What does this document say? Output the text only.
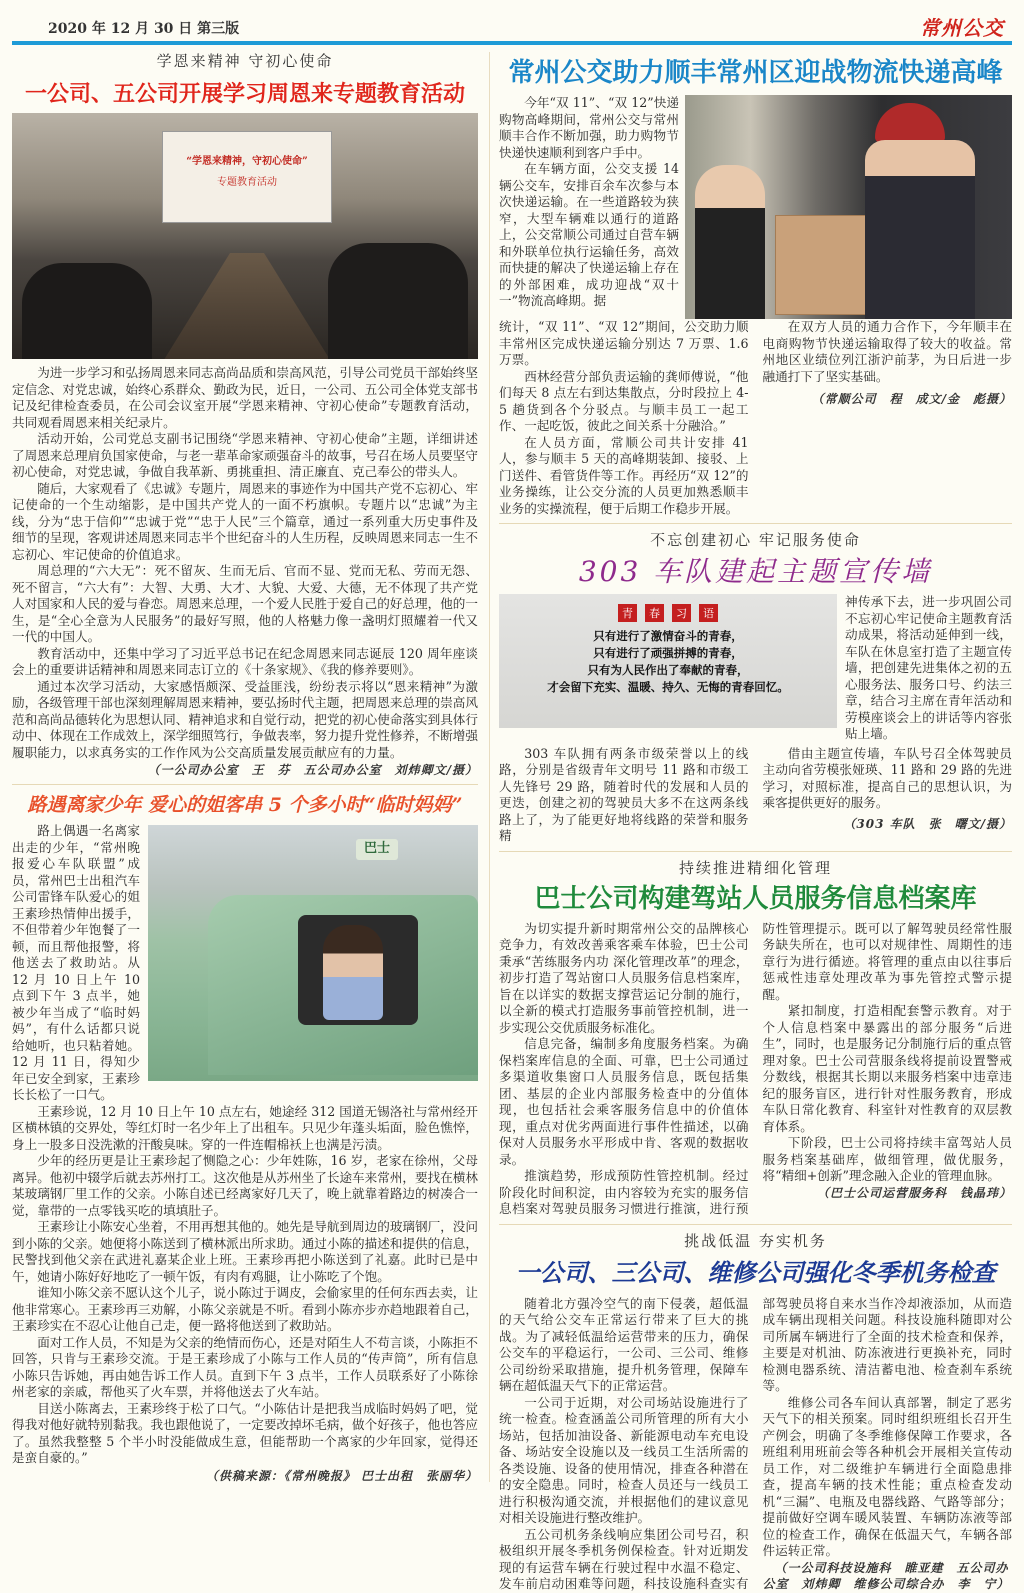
2020 年 12 月 30 日 第三版	常州公交
学恩来精神 守初心使命
一公司、五公司开展学习周恩来专题教育活动
“学恩来精神，守初心使命”
专题教育活动

为进一步学习和弘扬周恩来同志高尚品质和崇高风范，引导公司党员干部始终坚定信念、对党忠诚，始终心系群众、勤政为民，近日，一公司、五公司全体党支部书记及纪律检查委员，在公司会议室开展“学恩来精神、守初心使命”专题教育活动，共同观看周恩来相关纪录片。

活动开始，公司党总支副书记围绕“学恩来精神、守初心使命”主题，详细讲述了周恩来总理肩负国家使命，与老一辈革命家顽强奋斗的故事，号召在场人员要坚守初心使命，对党忠诚，争做自我革新、勇挑重担、清正廉直、克己奉公的带头人。

随后，大家观看了《忠诚》专题片，周恩来的事迹作为中国共产党不忘初心、牢记使命的一个生动缩影，是中国共产党人的一面不朽旗帜。专题片以“忠诚”为主线，分为“忠于信仰”“忠诚于党”“忠于人民”三个篇章，通过一系列重大历史事件及细节的呈现，客观讲述周恩来同志半个世纪奋斗的人生历程，反映周恩来同志一生不忘初心、牢记使命的价值追求。

周总理的“六大无”：死不留灰、生而无后、官而不显、党而无私、劳而无怨、死不留言，“六大有”：大智、大勇、大才、大貌、大爱、大德，无不体现了共产党人对国家和人民的爱与眷恋。周恩来总理，一个爱人民胜于爱自己的好总理，他的一生，是“全心全意为人民服务”的最好写照，他的人格魅力像一盏明灯照耀着一代又一代的中国人。

教育活动中，还集中学习了习近平总书记在纪念周恩来同志诞辰 120 周年座谈会上的重要讲话精神和周恩来同志订立的《十条家规》、《我的修养要则》。

通过本次学习活动，大家感悟颇深、受益匪浅，纷纷表示将以“恩来精神”为激励，各级管理干部也深刻理解周恩来精神，要弘扬时代主题，把周恩来总理的崇高风范和高尚品德转化为思想认同、精神追求和自觉行动，把党的初心使命落实到具体行动中、体现在工作成效上，深学细照笃行，争做表率，努力提升党性修养，不断增强履职能力，以求真务实的工作作风为公交高质量发展贡献应有的力量。

（一公司办公室　王　芬　五公司办公室　刘炜卿文/摄）
路遇离家少年 爱心的姐客串 5 个多小时“临时妈妈”
巴士

路上偶遇一名离家出走的少年，“常州晚报爱心车队联盟”成员，常州巴士出租汽车公司雷锋车队爱心的姐王素珍热情伸出援手，不但带着少年饱餐了一顿，而且帮他报警，将他送去了救助站。从 12 月 10 日上午 10 点到下午 3 点半，她被少年当成了“临时妈妈”，有什么话都只说给她听，也只粘着她。12 月 11 日，得知少年已安全到家，王素珍长长松了一口气。

王素珍说，12 月 10 日上午 10 点左右，她途经 312 国道无锡洛社与常州经开区横林镇的交界处，等红灯时一名少年上了出租车。只见少年蓬头垢面，脸色憔悴，身上一股多日没洗漱的汗酸臭味。穿的一件连帽棉袄上也满是污渍。

少年的经历更是让王素珍起了恻隐之心：少年姓陈，16 岁，老家在徐州，父母离异。他初中辍学后就去苏州打工。这次他是从苏州坐了长途车来常州，要找在横林某玻璃钢厂里工作的父亲。小陈自述已经离家好几天了，晚上就靠着路边的树凑合一觉，靠带的一点零钱买吃的填填肚子。

王素珍让小陈安心坐着，不用再想其他的。她先是导航到周边的玻璃钢厂，没问到小陈的父亲。她便将小陈送到了横林派出所求助。通过小陈的描述和提供的信息，民警找到他父亲在武进礼嘉某企业上班。王素珍再把小陈送到了礼嘉。此时已是中午，她请小陈好好地吃了一顿午饭，有肉有鸡腿，让小陈吃了个饱。

谁知小陈父亲不愿认这个儿子，说小陈过于调皮，会偷家里的任何东西去卖，让他非常寒心。王素珍再三劝解，小陈父亲就是不听。看到小陈亦步亦趋地跟着自己，王素珍实在不忍心让他自己走，便一路将他送到了救助站。

面对工作人员，不知是为父亲的绝情而伤心，还是对陌生人不苟言谈，小陈拒不回答，只肯与王素珍交流。于是王素珍成了小陈与工作人员的“传声筒”，所有信息小陈只告诉她，再由她告诉工作人员。直到下午 3 点半，工作人员联系好了小陈徐州老家的亲戚，帮他买了火车票，并将他送去了火车站。

目送小陈离去，王素珍终于松了口气。“小陈估计是把我当成临时妈妈了吧，觉得我对他好就特别黏我。我也跟他说了，一定要改掉坏毛病，做个好孩子，他也答应了。虽然我整整 5 个半小时没能做成生意，但能帮助一个离家的少年回家，觉得还是蛮自豪的。”

（供稿来源：《常州晚报》 巴士出租　张丽华）
常州公交助力顺丰常州区迎战物流快递高峰

今年“双 11”、“双 12”快递购物高峰期间，常州公交与常州顺丰合作不断加强，助力购物节快递快速顺利到客户手中。

在车辆方面，公交支援 14 辆公交车，安排百余车次参与本次快递运输。在一些道路较为狭窄，大型车辆难以通行的道路上，公交常顺公司通过自营车辆和外联单位执行运输任务，高效而快捷的解决了快递运输上存在的外部困难，成功迎战“双十一”物流高峰期。据

统计，“双 11”、“双 12”期间，公交助力顺丰常州区完成快递运输分别达 7 万票、1.6 万票。

西林经营分部负责运输的龚师傅说，“他们每天 8 点左右到达集散点，分时段拉上 4-5 趟货到各个分驳点。与顺丰员工一起工作、一起吃饭，彼此之间关系十分融洽。”

在人员方面，常顺公司共计安排 41 人，参与顺丰 5 天的高峰期装卸、接驳、上门送件、看管货件等工作。再经历“双 12”的业务操练，让公交分流的人员更加熟悉顺丰业务的实操流程，便于后期工作稳步开展。

在双方人员的通力合作下，今年顺丰在电商购物节快递运输取得了较大的收益。常州地区业绩位列江浙沪前茅，为日后进一步融通打下了坚实基础。

（常顺公司　程　成文/金　彪摄）
不忘创建初心 牢记服务使命
303 车队建起主题宣传墙
青	春	习	语
只有进行了激情奋斗的青春，
只有进行了顽强拼搏的青春，
只有为人民作出了奉献的青春，
才会留下充实、温暖、持久、无悔的青春回忆。

神传承下去，进一步巩固公司不忘初心牢记使命主题教育活动成果，将活动延伸到一线，车队在休息室打造了主题宣传墙，把创建先进集体之初的五心服务法、服务口号、约法三章，结合习主席在青年活动和劳模座谈会上的讲话等内容张贴上墙。

303 车队拥有两条市级荣誉以上的线路，分别是省级青年文明号 11 路和市级工人先锋号 29 路，随着时代的发展和人员的更迭，创建之初的驾驶员大多不在这两条线路上了，为了能更好地将线路的荣誉和服务精

借由主题宣传墙，车队号召全体驾驶员主动向省劳模张娅瑛、11 路和 29 路的先进学习，对照标准，提高自己的思想认识，为乘客提供更好的服务。

（303 车队　张　曙文/摄）
持续推进精细化管理
巴士公司构建驾站人员服务信息档案库

为切实提升新时期常州公交的品牌核心竞争力，有效改善乘客乘车体验，巴士公司秉承“苦练服务内功 深化管理改革”的理念，初步打造了驾站窗口人员服务信息档案库，旨在以详实的数据支撑营运记分制的施行，以全新的模式打造服务事前管控机制，进一步实现公交优质服务标准化。

信息完备，编制多角度服务档案。为确保档案库信息的全面、可靠，巴士公司通过多渠道收集窗口人员服务信息，既包括集团、基层的企业内部服务检查中的分值体现，也包括社会乘客服务信息中的价值体现，重点对优劣两面进行事件性描述，以确保对人员服务水平形成中肯、客观的数据收录。

推演趋势，形成预防性管控机制。经过阶段化时间积淀，由内容较为充实的服务信息档案对驾驶员服务习惯进行推演，进行预防性管理提示。既可以了解驾驶员经常性服务缺失所在，也可以对规律性、周期性的违章行为进行循迹。将管理的重点由以往事后惩戒性违章处理改革为事先管控式警示提醒。

紧扣制度，打造相配套警示教育。对于个人信息档案中暴露出的部分服务“后进生”，同时，也是服务记分制施行后的重点管理对象。巴士公司营服条线将提前设置警戒分数线，根据其长期以来服务档案中违章违纪的服务盲区，进行针对性服务教育，形成车队日常化教育、科室针对性教育的双层教育体系。

下阶段，巴士公司将持续丰富驾站人员服务档案基础库，做细管理，做优服务，将“精细+创新”理念融入企业的管理血脉。

（巴士公司运营服务科　钱晶玮）
挑战低温 夯实机务
一公司、三公司、维修公司强化冬季机务检查

随着北方强冷空气的南下侵袭，超低温的天气给公交车正常运行带来了巨大的挑战。为了减轻低温给运营带来的压力，确保公交车的平稳运行，一公司、三公司、维修公司纷纷采取措施，提升机务管理，保障车辆在超低温天气下的正常运营。

一公司于近期，对公司场站设施进行了统一检查。检查涵盖公司所管理的所有大小场站，包括加油设备、新能源电动车充电设备、场站安全设施以及一线员工生活所需的各类设施、设备的使用情况，排查各种潜在的安全隐患。同时，检查人员还与一线员工进行积极沟通交流，并根据他们的建议意见对相关设施进行整改维护。

五公司机务条线响应集团公司号召，积极组织开展冬季机务例保检查。针对近期发现的有运营车辆在行驶过程中水温不稳定、发车前启动困难等问题，科技设施科查实有部驾驶员将自来水当作冷却液添加，从而造成车辆出现相关问题。科技设施科随即对公司所属车辆进行了全面的技术检查和保养，主要是对机油、防冻液进行更换补充，同时检测电器系统、清洁蓄电池、检查刹车系统等。

维修公司各车间认真部署，制定了恶劣天气下的相关预案。同时组织班组长召开生产例会，明确了冬季维修保障工作要求，各班组利用班前会等各种机会开展相关宣传动员工作，对二级维护车辆进行全面隐患排查，提高车辆的技术性能；重点检查发动机“三漏”、电瓶及电器线路、气路等部分；提前做好空调车暖风装置、车辆防冻液等部位的检查工作，确保在低温天气，车辆各部件运转正常。

（一公司科技设施科　睢亚建　五公司办公室　刘炜卿　维修公司综合办　李　宁）
